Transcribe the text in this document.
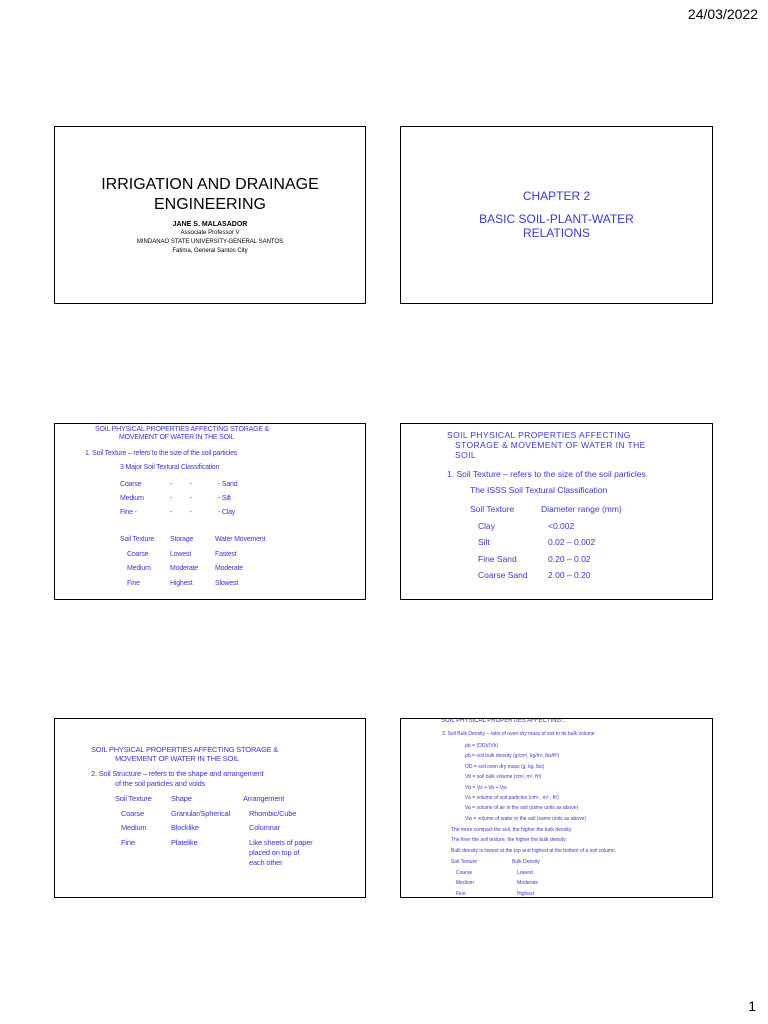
24/03/2022
IRRIGATION AND DRAINAGE
ENGINEERING
JANE S. MALASADOR
Associate Professor V
MINDANAO STATE UNIVERSITY-GENERAL SANTOS
Fatima, General Santos City
CHAPTER 2
BASIC SOIL-PLANT-WATER
RELATIONS
SOIL PHYSICAL PROPERTIES AFFECTING STORAGE &
MOVEMENT OF WATER IN THE SOIL
1. Soil Texture – refers to the size of the soil particles
3 Major Soil Textural Classification
Coarse	-          -	- Sand
Medium	-          -	- Silt
Fine -	-          -	- Clay
Soil Texture	Storage	Water Movement
Coarse	Lowest	Fastest
Medium	Moderate	Moderate
Fine	Highest	Slowest
SOIL PHYSICAL PROPERTIES AFFECTING
STORAGE & MOVEMENT OF WATER IN THE
SOIL
1. Soil Texture – refers to the size of the soil particles
The ISSS Soil Textural Classification
Soil Texture	Diameter range (mm)
Clay	<0.002
Silt	0.02 – 0.002
Fine Sand	0.20 – 0.02
Coarse Sand	2.00 – 0.20
SOIL PHYSICAL PROPERTIES AFFECTING STORAGE &
MOVEMENT OF WATER IN THE SOIL
2. Soil Structure – refers to the shape and arrangement
of the soil particles and voids
Soil Texture	Shape	Arrangement
Coarse	Granular/Spherical	Rhombic/Cube
Medium	Blocklike	Columnar
Fine	Platelike	Like sheets of paper placed on top of each other
SOIL PHYSICAL PROPERTIES AFFECTING...
3. Soil Bulk Density – ratio of oven-dry mass of soil to its bulk volume
ρb = (OD)/(Vb)
ρb = soil bulk density (g/cm³, kg/m³, lbs/ft³)
OD = soil oven dry mass (g, kg, lbs)
Vb = soil bulk volume (cm³, m³, ft³)
Vb = Vs + Va + Vw
Vs = volume of soil particles (cm³ , m³ , ft³)
Va = volume of air in the soil (same units as above)
Vw = volume of water in the soil (same units as above)
The more compact the soil, the higher the bulk density.
The finer the soil texture, the higher the bulk density.
Bulk density is lowest at the top and highest at the bottom of a soil column.
Soil Texture	Bulk Density
Coarse	Lowest
Medium	Moderate
Fine	Highest
1
